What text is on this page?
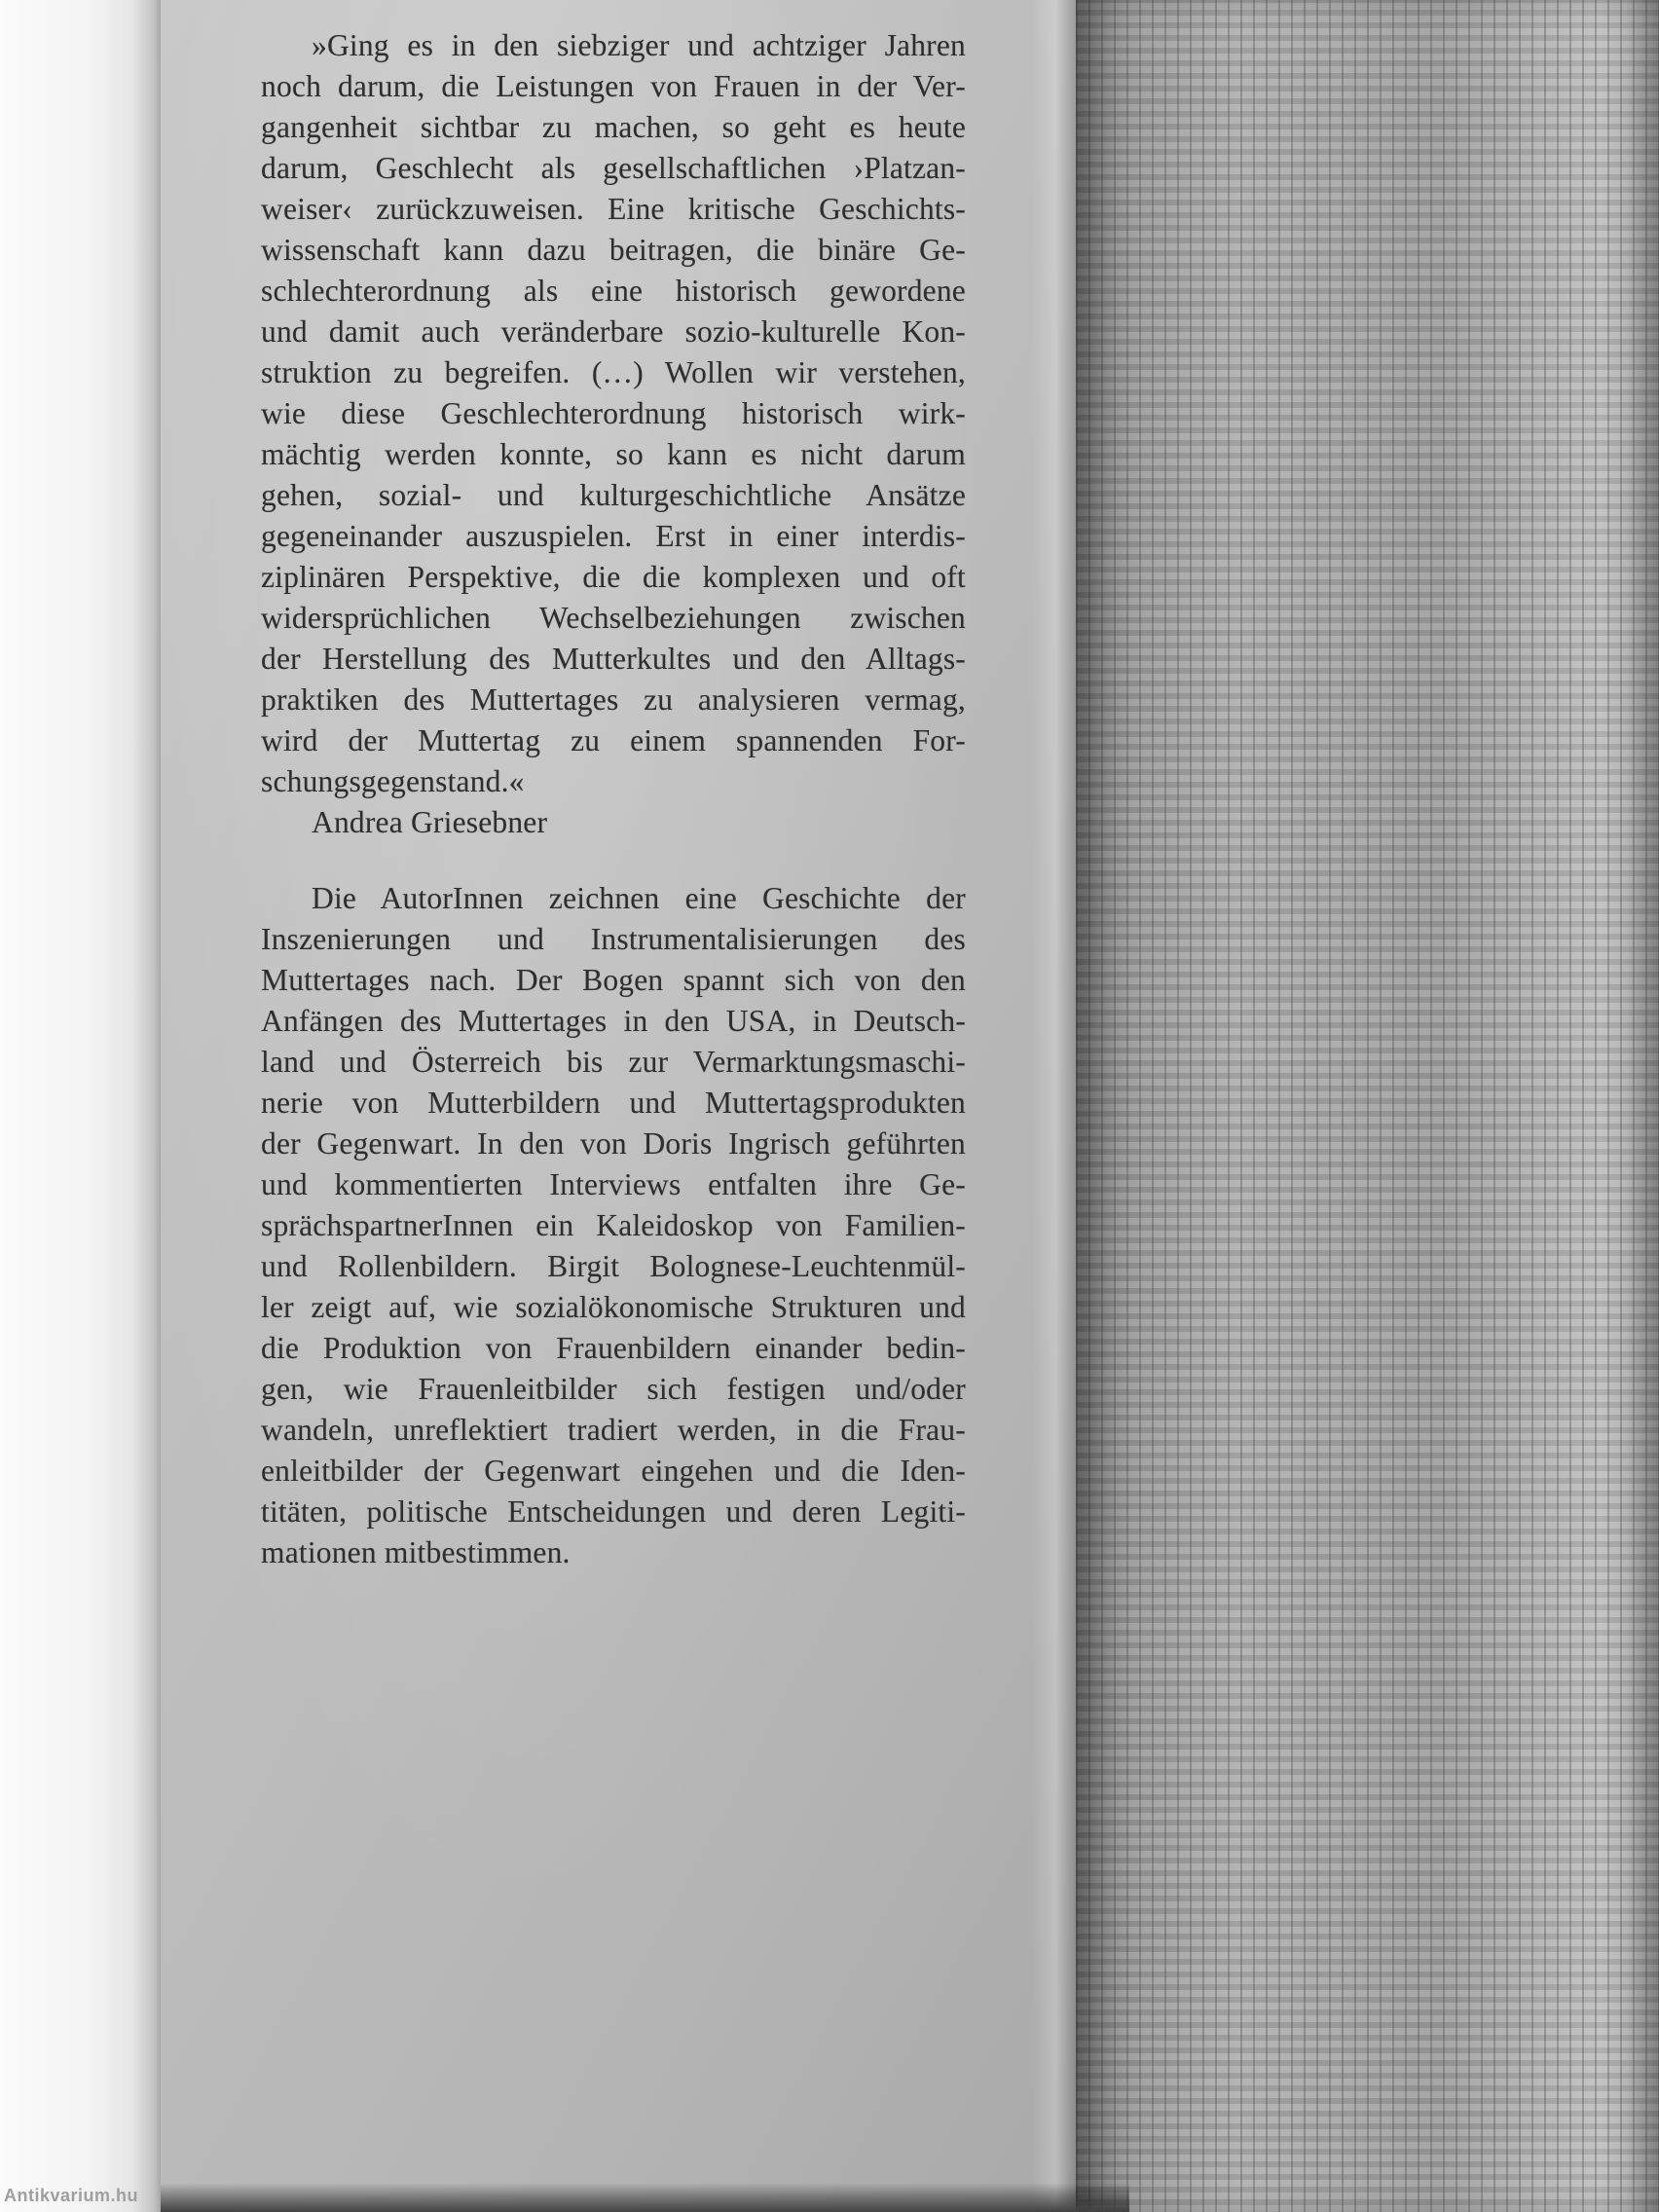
»Ging es in den siebziger und achtziger Jahren
noch darum, die Leistungen von Frauen in der Ver-
gangenheit sichtbar zu machen, so geht es heute
darum, Geschlecht als gesellschaftlichen ›Platzan-
weiser‹ zurückzuweisen. Eine kritische Geschichts-
wissenschaft kann dazu beitragen, die binäre Ge-
schlechterordnung als eine historisch gewordene
und damit auch veränderbare sozio-kulturelle Kon-
struktion zu begreifen. (…) Wollen wir verstehen,
wie diese Geschlechterordnung historisch wirk-
mächtig werden konnte, so kann es nicht darum
gehen, sozial- und kulturgeschichtliche Ansätze
gegeneinander auszuspielen. Erst in einer interdis-
ziplinären Perspektive, die die komplexen und oft
widersprüchlichen Wechselbeziehungen zwischen
der Herstellung des Mutterkultes und den Alltags-
praktiken des Muttertages zu analysieren vermag,
wird der Muttertag zu einem spannenden For-
schungsgegenstand.«
Andrea Griesebner
Die AutorInnen zeichnen eine Geschichte der
Inszenierungen und Instrumentalisierungen des
Muttertages nach. Der Bogen spannt sich von den
Anfängen des Muttertages in den USA, in Deutsch-
land und Österreich bis zur Vermarktungsmaschi-
nerie von Mutterbildern und Muttertagsprodukten
der Gegenwart. In den von Doris Ingrisch geführten
und kommentierten Interviews entfalten ihre Ge-
sprächspartnerInnen ein Kaleidoskop von Familien-
und Rollenbildern. Birgit Bolognese-Leuchtenmül-
ler zeigt auf, wie sozialökonomische Strukturen und
die Produktion von Frauenbildern einander bedin-
gen, wie Frauenleitbilder sich festigen und/oder
wandeln, unreflektiert tradiert werden, in die Frau-
enleitbilder der Gegenwart eingehen und die Iden-
titäten, politische Entscheidungen und deren Legiti-
mationen mitbestimmen.
Antikvarium.hu
